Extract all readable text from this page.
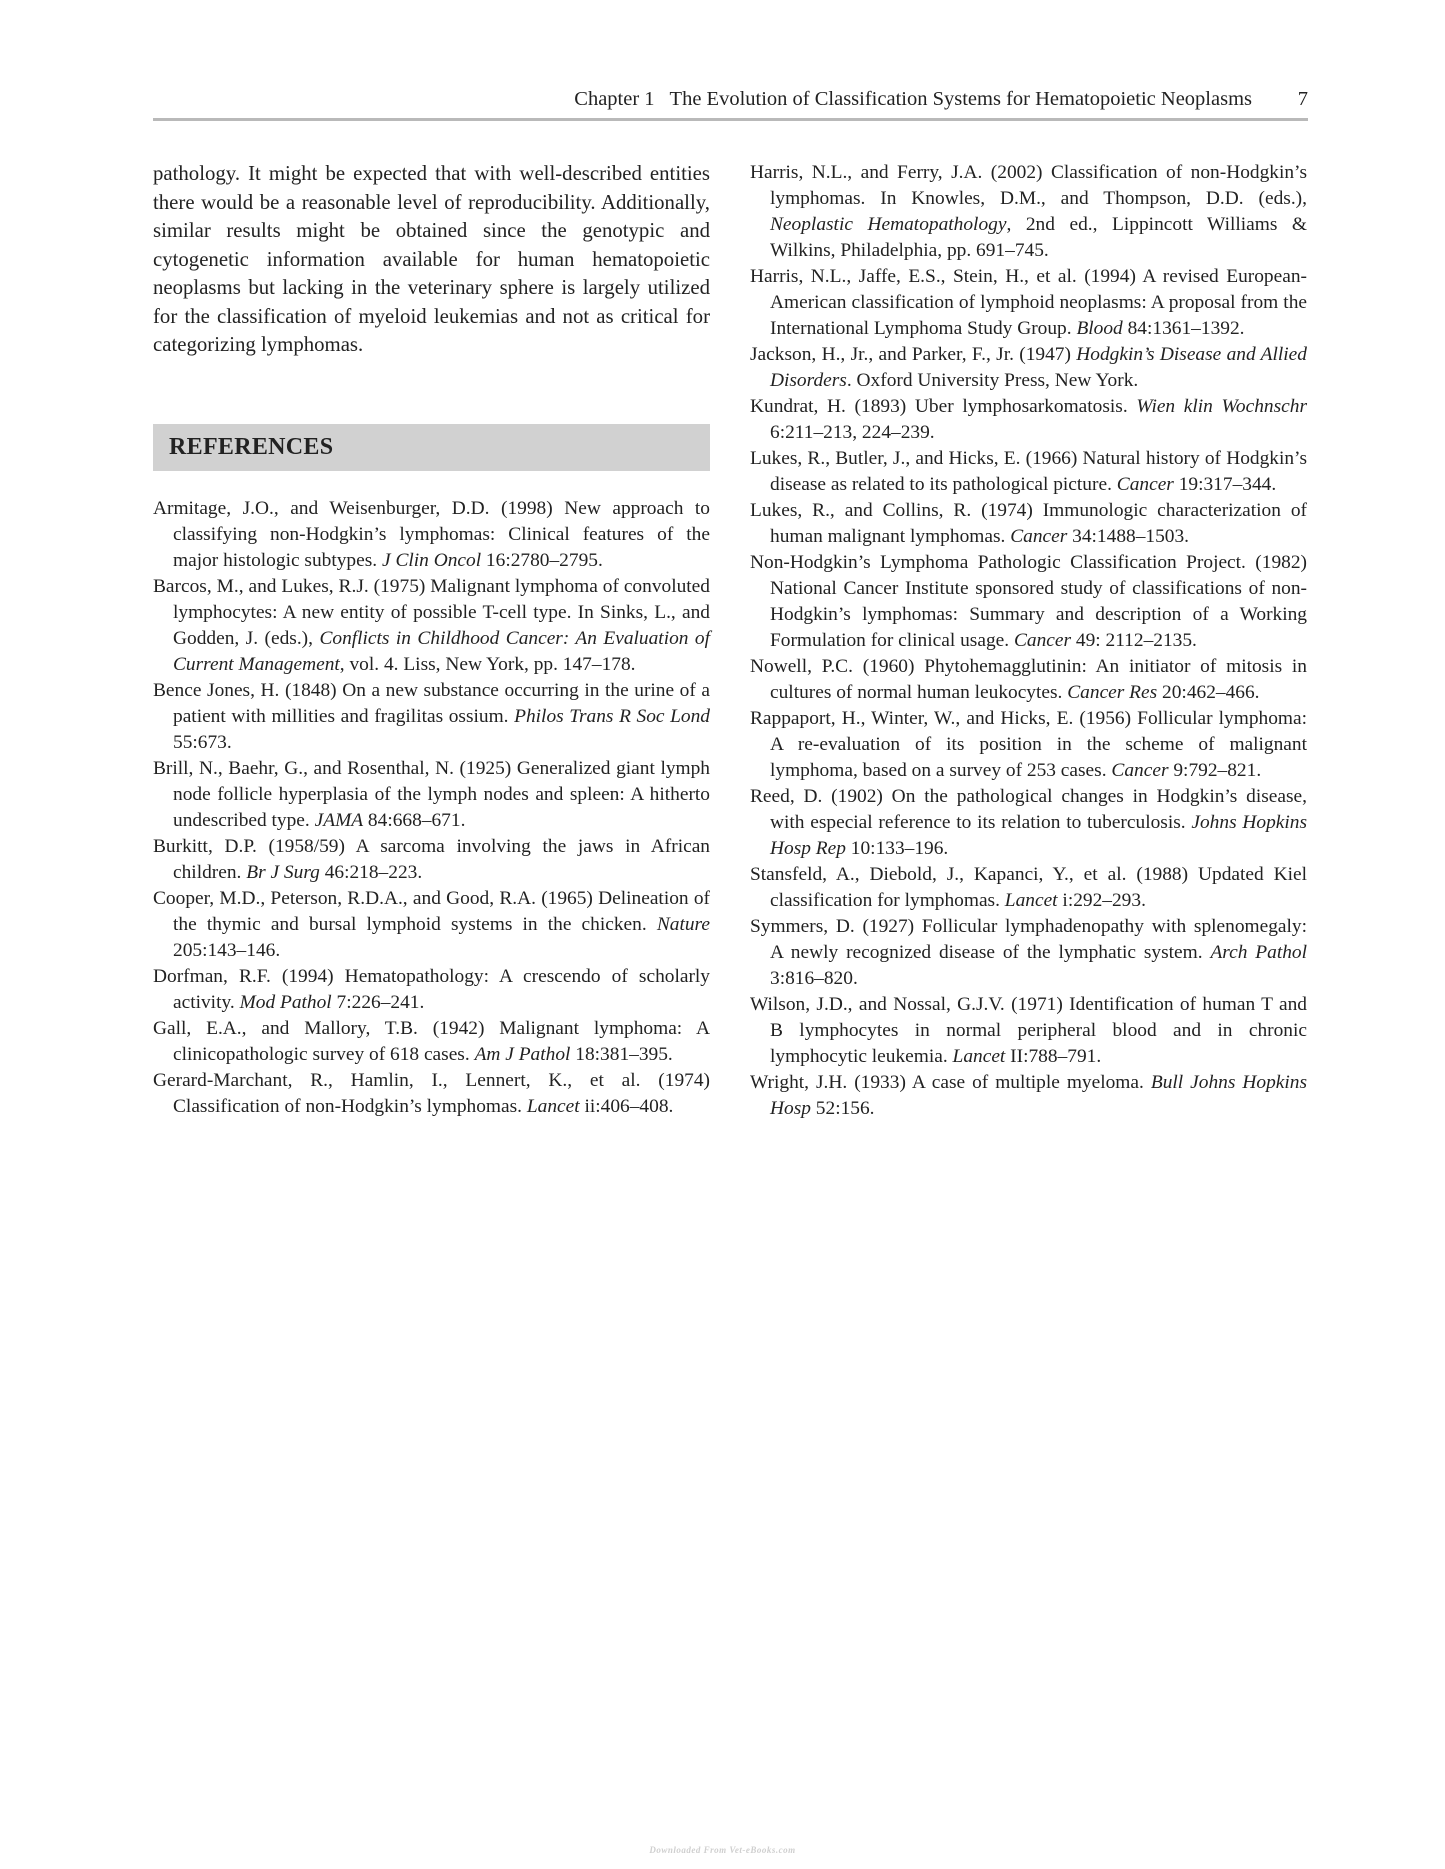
Chapter 1   The Evolution of Classification Systems for Hematopoietic Neoplasms 7

pathology. It might be expected that with well-described entities there would be a reasonable level of reproducibility. Additionally, similar results might be obtained since the genotypic and cytogenetic information available for human hematopoietic neoplasms but lacking in the veterinary sphere is largely utilized for the classification of myeloid leukemias and not as critical for categorizing lymphomas.

REFERENCES

Armitage, J.O., and Weisenburger, D.D. (1998) New approach to classifying non-Hodgkin’s lymphomas: Clinical features of the major histologic subtypes. J Clin Oncol 16:2780–2795.

Barcos, M., and Lukes, R.J. (1975) Malignant lymphoma of convoluted lymphocytes: A new entity of possible T-cell type. In Sinks, L., and Godden, J. (eds.), Conflicts in Childhood Cancer: An Evaluation of Current Management, vol. 4. Liss, New York, pp. 147–178.

Bence Jones, H. (1848) On a new substance occurring in the urine of a patient with millities and fragilitas ossium. Philos Trans R Soc Lond 55:673.

Brill, N., Baehr, G., and Rosenthal, N. (1925) Generalized giant lymph node follicle hyperplasia of the lymph nodes and spleen: A hitherto undescribed type. JAMA 84:668–671.

Burkitt, D.P. (1958/59) A sarcoma involving the jaws in African children. Br J Surg 46:218–223.

Cooper, M.D., Peterson, R.D.A., and Good, R.A. (1965) Delineation of the thymic and bursal lymphoid systems in the chicken. Nature 205:143–146.

Dorfman, R.F. (1994) Hematopathology: A crescendo of scholarly activity. Mod Pathol 7:226–241.

Gall, E.A., and Mallory, T.B. (1942) Malignant lymphoma: A clinicopathologic survey of 618 cases. Am J Pathol 18:381–395.

Gerard-Marchant, R., Hamlin, I., Lennert, K., et al. (1974) Classification of non-Hodgkin’s lymphomas. Lancet ii:406–408.

Harris, N.L., and Ferry, J.A. (2002) Classification of non-Hodgkin’s lymphomas. In Knowles, D.M., and Thompson, D.D. (eds.), Neoplastic Hematopathology, 2nd ed., Lippincott Williams & Wilkins, Philadelphia, pp. 691–745.

Harris, N.L., Jaffe, E.S., Stein, H., et al. (1994) A revised European-American classification of lymphoid neoplasms: A proposal from the International Lymphoma Study Group. Blood 84:1361–1392.

Jackson, H., Jr., and Parker, F., Jr. (1947) Hodgkin’s Disease and Allied Disorders. Oxford University Press, New York.

Kundrat, H. (1893) Uber lymphosarkomatosis. Wien klin Wochnschr 6:211–213, 224–239.

Lukes, R., Butler, J., and Hicks, E. (1966) Natural history of Hodgkin’s disease as related to its pathological picture. Cancer 19:317–344.

Lukes, R., and Collins, R. (1974) Immunologic characterization of human malignant lymphomas. Cancer 34:1488–1503.

Non-Hodgkin’s Lymphoma Pathologic Classification Project. (1982) National Cancer Institute sponsored study of classifications of non-Hodgkin’s lymphomas: Summary and description of a Working Formulation for clinical usage. Cancer 49: 2112–2135.

Nowell, P.C. (1960) Phytohemagglutinin: An initiator of mitosis in cultures of normal human leukocytes. Cancer Res 20:462–466.

Rappaport, H., Winter, W., and Hicks, E. (1956) Follicular lymphoma: A re-evaluation of its position in the scheme of malignant lymphoma, based on a survey of 253 cases. Cancer 9:792–821.

Reed, D. (1902) On the pathological changes in Hodgkin’s disease, with especial reference to its relation to tuberculosis. Johns Hopkins Hosp Rep 10:133–196.

Stansfeld, A., Diebold, J., Kapanci, Y., et al. (1988) Updated Kiel classification for lymphomas. Lancet i:292–293.

Symmers, D. (1927) Follicular lymphadenopathy with splenomegaly: A newly recognized disease of the lymphatic system. Arch Pathol 3:816–820.

Wilson, J.D., and Nossal, G.J.V. (1971) Identification of human T and B lymphocytes in normal peripheral blood and in chronic lymphocytic leukemia. Lancet II:788–791.

Wright, J.H. (1933) A case of multiple myeloma. Bull Johns Hopkins Hosp 52:156.

Downloaded From Vet-eBooks.com
